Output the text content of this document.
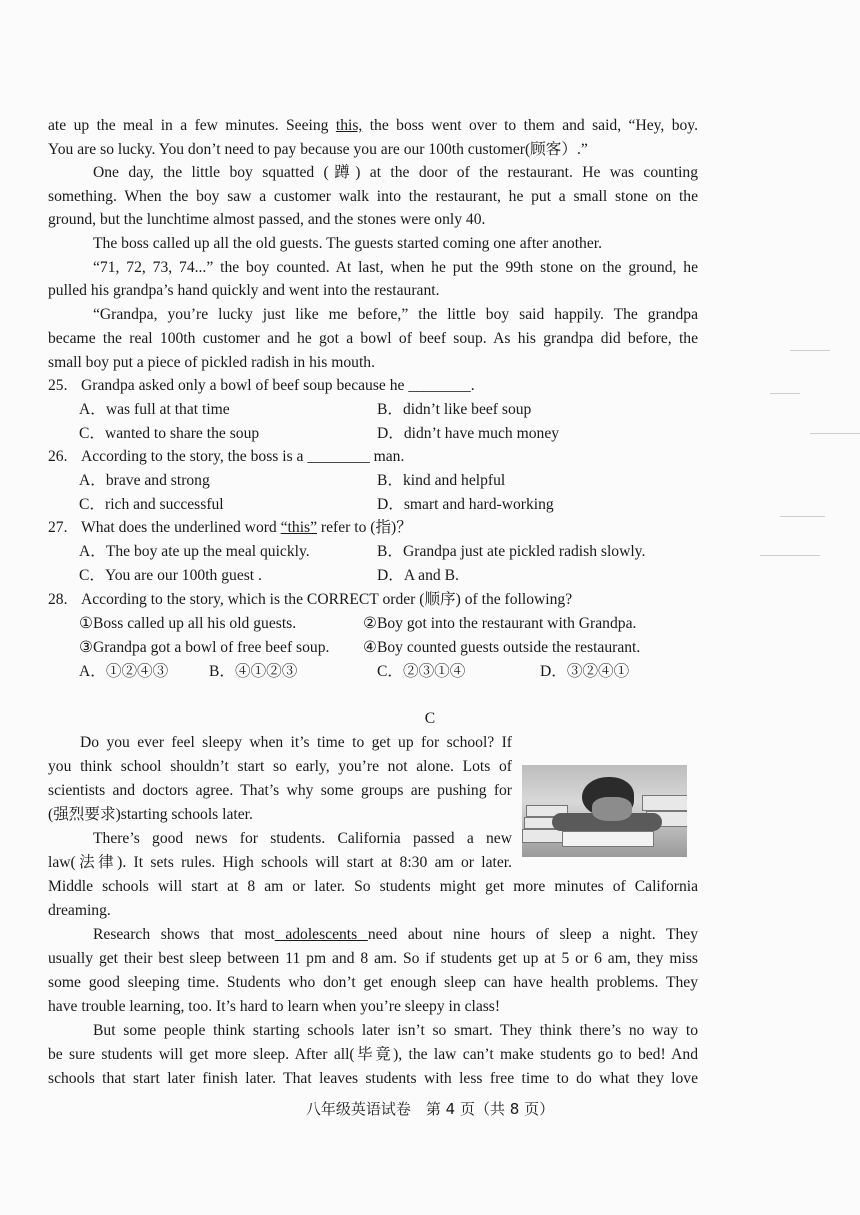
ate up the meal in a few minutes. Seeing this, the boss went over to them and said, “Hey, boy.
You are so lucky. You don’t need to pay because you are our 100th customer(顾客）.”
One day, the little boy squatted (蹲) at the door of the restaurant. He was counting
something. When the boy saw a customer walk into the restaurant, he put a small stone on the
ground, but the lunchtime almost passed, and the stones were only 40.
The boss called up all the old guests. The guests started coming one after another.
“71, 72, 73, 74...” the boy counted. At last, when he put the 99th stone on the ground, he
pulled his grandpa’s hand quickly and went into the restaurant.
“Grandpa, you’re lucky just like me before,” the little boy said happily. The grandpa
became the real 100th customer and he got a bowl of beef soup. As his grandpa did before, the
small boy put a piece of pickled radish in his mouth.
25. Grandpa asked only a bowl of beef soup because he ________.
A．was full at that time	B．didn’t like beef soup
C．wanted to share the soup	D．didn’t have much money
26. According to the story, the boss is a ________ man.
A．brave and strong	B．kind and helpful
C．rich and successful	D．smart and hard-working
27. What does the underlined word “this” refer to (指)？
A．The boy ate up the meal quickly.	B．Grandpa just ate pickled radish slowly.
C．You are our 100th guest .	D．A and B.
28. According to the story, which is the CORRECT order (顺序) of the following?
①Boss called up all his old guests.	②Boy got into the restaurant with Grandpa.
③Grandpa got a bowl of free beef soup. ④Boy counted guests outside the restaurant.
A．①②④③	B．④①②③	C．②③①④	D．③②④①
C
Do you ever feel sleepy when it’s time to get up for school? If
you think school shouldn’t start so early, you’re not alone. Lots of
scientists and doctors agree. That’s why some groups are pushing for
(强烈要求)starting schools later.
There’s good news for students. California passed a new
law(法律). It sets rules. High schools will start at 8:30 am or later.
Middle schools will start at 8 am or later. So students might get more minutes of California
dreaming.
Research shows that most adolescents need about nine hours of sleep a night. They
usually get their best sleep between 11 pm and 8 am. So if students get up at 5 or 6 am, they miss
some good sleeping time. Students who don’t get enough sleep can have health problems. They
have trouble learning, too. It’s hard to learn when you’re sleepy in class!
But some people think starting schools later isn’t so smart. They think there’s no way to
be sure students will get more sleep. After all(毕竟), the law can’t make students go to bed! And
schools that start later finish later. That leaves students with less free time to do what they love
八年级英语试卷　第 4 页（共 8 页）
